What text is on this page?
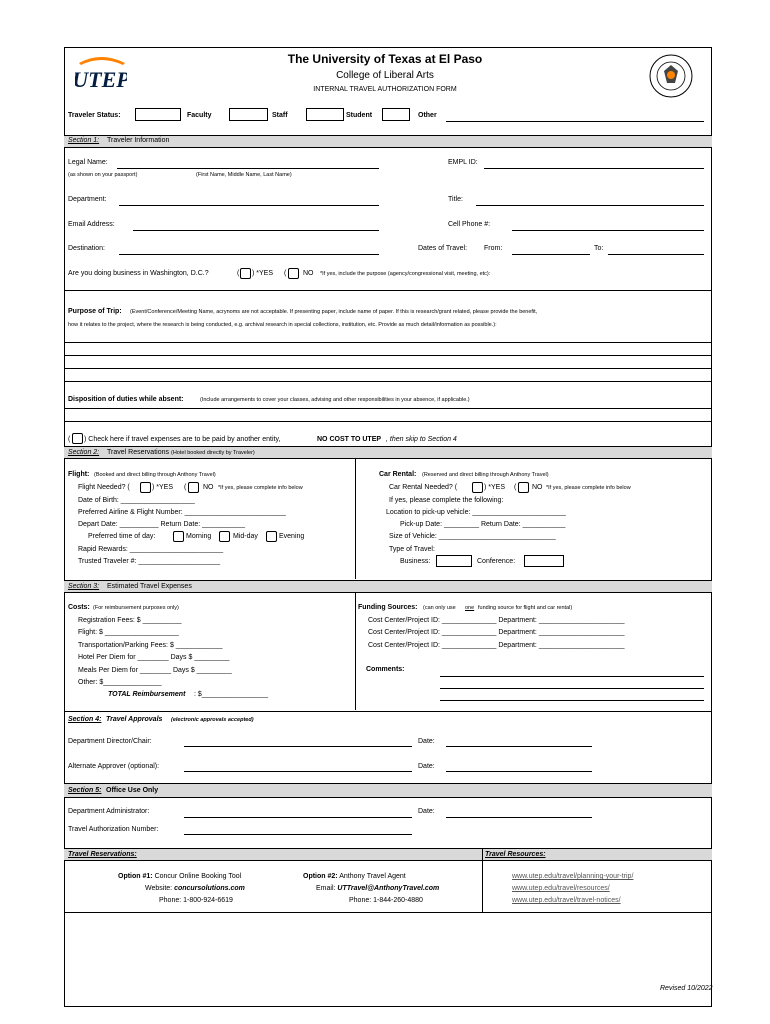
UTEP
The University of Texas at El Paso
College of Liberal Arts
INTERNAL TRAVEL AUTHORIZATION FORM
Traveler Status:	Faculty	Staff	Student	Other
Section 1: Traveler Information
Legal Name:
(as shown on your passport)	(First Name, Middle Name, Last Name)
EMPL ID:
Department:	Title:
Email Address:	Cell Phone #:
Destination:	Dates of Travel: From:	To:
Are you doing business in Washington, D.C.?	( ) *YES ( NO *If yes, include the purpose (agency/congressional visit, meeting, etc):
Purpose of Trip: (Event/Conference/Meeting Name, acrynoms are not acceptable. If presenting paper, include name of paper. If this is research/grant related, please provide the benefit,
how it relates to the project, where the research is being conducted, e.g. archival research in special collections, institution, etc. Provide as much detail/information as possible.):
Disposition of duties while absent:	(Include arrangements to cover your classes, advising and other responsibilities in your absence, if applicable.)
( ) Check here if travel expenses are to be paid by another entity,	NO COST TO UTEP , then skip to Section 4
Section 2: Travel Reservations (Hotel booked directly by Traveler)
Flight: (Booked and direct billing through Anthony Travel)
Flight Needed? (	) *YES ( NO *If yes, please complete info below
Date of Birth: ___________________
Preferred Airline & Flight Number: __________________________
Depart Date: __________ Return Date: ___________
Preferred time of day:	Morning	Mid-day	Evening
Rapid Rewards: ________________________
Trusted Traveler #: _____________________
Car Rental: (Reserved and direct billing through Anthony Travel)
Car Rental Needed? (	) *YES ( NO *If yes, please complete info below
If yes, please complete the following:
Location to pick-up vehicle: ________________________
Pick-up Date: _________ Return Date: ___________
Size of Vehicle: ______________________________
Type of Travel:
Business:	Conference:
Section 3: Estimated Travel Expenses
Costs: (For reimbursement purposes only)
Registration Fees: $ __________
Flight: $ ___________________
Transportation/Parking Fees: $ ____________
Hotel Per Diem for ________ Days $ _________
Meals Per Diem for ________ Days $ _________
Other: $_______________
TOTAL Reimbursement : $_________________
Funding Sources: (can only use one funding source for flight and car rental)
Cost Center/Project ID: ______________ Department: ______________________
Cost Center/Project ID: ______________ Department: ______________________
Cost Center/Project ID: ______________ Department: ______________________
Comments:
Section 4: Travel Approvals (electronic approvals accepted)
Department Director/Chair:	Date:
Alternate Approver (optional):	Date:
Section 5: Office Use Only
Department Administrator:	Date:
Travel Authorization Number:
Travel Reservations:	Travel Resources:
Option #1: Concur Online Booking Tool
Website: concursolutions.com
Phone: 1-800-924-6619
Option #2: Anthony Travel Agent
Email: UTTravel@AnthonyTravel.com
Phone: 1-844-260-4880
www.utep.edu/travel/planning-your-trip/
www.utep.edu/travel/resources/
www.utep.edu/travel/travel-notices/
Revised 10/2022
